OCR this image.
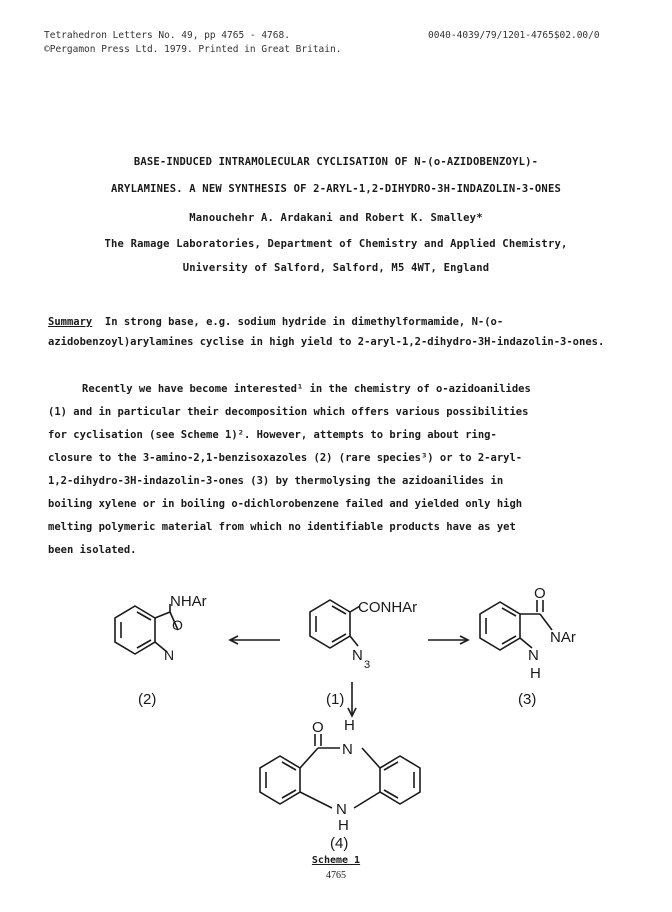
Tetrahedron Letters No. 49, pp 4765 - 4768.
©Pergamon Press Ltd. 1979. Printed in Great Britain.
0040-4039/79/1201-4765$02.00/0
BASE-INDUCED INTRAMOLECULAR CYCLISATION OF N-(o-AZIDOBENZOYL)-
ARYLAMINES. A NEW SYNTHESIS OF 2-ARYL-1,2-DIHYDRO-3H-INDAZOLIN-3-ONES
Manouchehr A. Ardakani and Robert K. Smalley*
The Ramage Laboratories, Department of Chemistry and Applied Chemistry,
University of Salford, Salford, M5 4WT, England
Summary In strong base, e.g. sodium hydride in dimethylformamide, N-(o-azidobenzoyl)arylamines cyclise in high yield to 2-aryl-1,2-dihydro-3H-indazolin-3-ones.
Recently we have become interested¹ in the chemistry of o-azidoanilides
(1) and in particular their decomposition which offers various possibilities
for cyclisation (see Scheme 1)². However, attempts to bring about ring-
closure to the 3-amino-2,1-benzisoxazoles (2) (rare species³) or to 2-aryl-
1,2-dihydro-3H-indazolin-3-ones (3) by thermolysing the azidoanilides in
boiling xylene or in boiling o-dichlorobenzene failed and yielded only high
melting polymeric material from which no identifiable products have as yet
been isolated.
NHAr
O
N
(2)
CONHAr
N
3
(1)
O
NAr
N
H
(3)
O H
N
N
H
(4)
Scheme 1
4765
